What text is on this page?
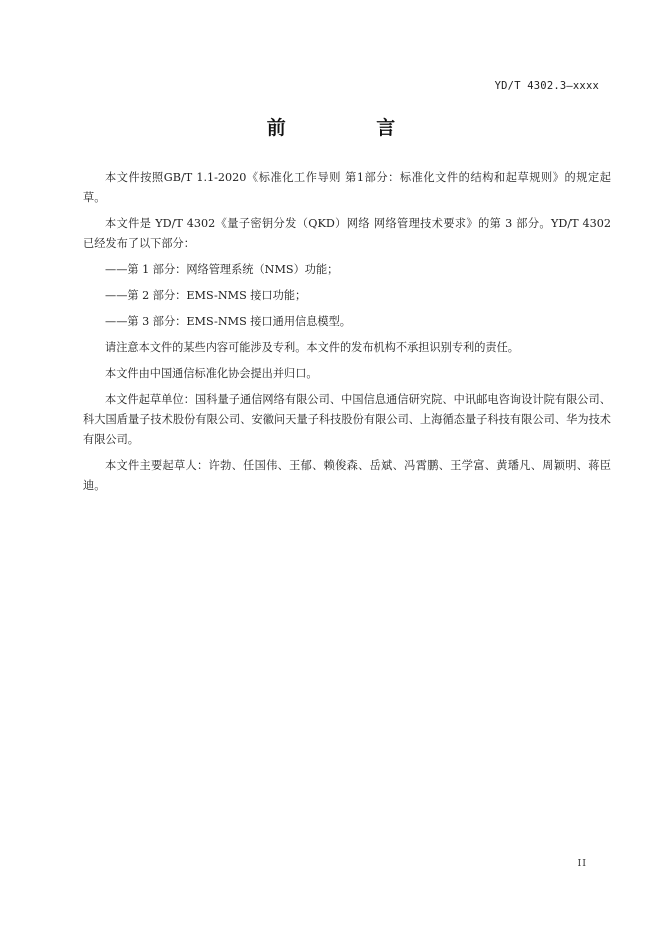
YD/T 4302.3—xxxx
前 言

本文件按照GB/T 1.1-2020《标准化工作导则 第1部分：标准化文件的结构和起草规则》的规定起草。

本文件是 YD/T 4302《量子密钥分发（QKD）网络 网络管理技术要求》的第 3 部分。YD/T 4302 已经发布了以下部分：

——第 1 部分：网络管理系统（NMS）功能；

——第 2 部分：EMS-NMS 接口功能；

——第 3 部分：EMS-NMS 接口通用信息模型。

请注意本文件的某些内容可能涉及专利。本文件的发布机构不承担识别专利的责任。

本文件由中国通信标准化协会提出并归口。

本文件起草单位：国科量子通信网络有限公司、中国信息通信研究院、中讯邮电咨询设计院有限公司、科大国盾量子技术股份有限公司、安徽问天量子科技股份有限公司、上海循态量子科技有限公司、华为技术有限公司。

本文件主要起草人：许勃、任国伟、王郁、赖俊森、岳斌、冯霄鹏、王学富、黄璠凡、周颖明、蒋臣迪。

II
